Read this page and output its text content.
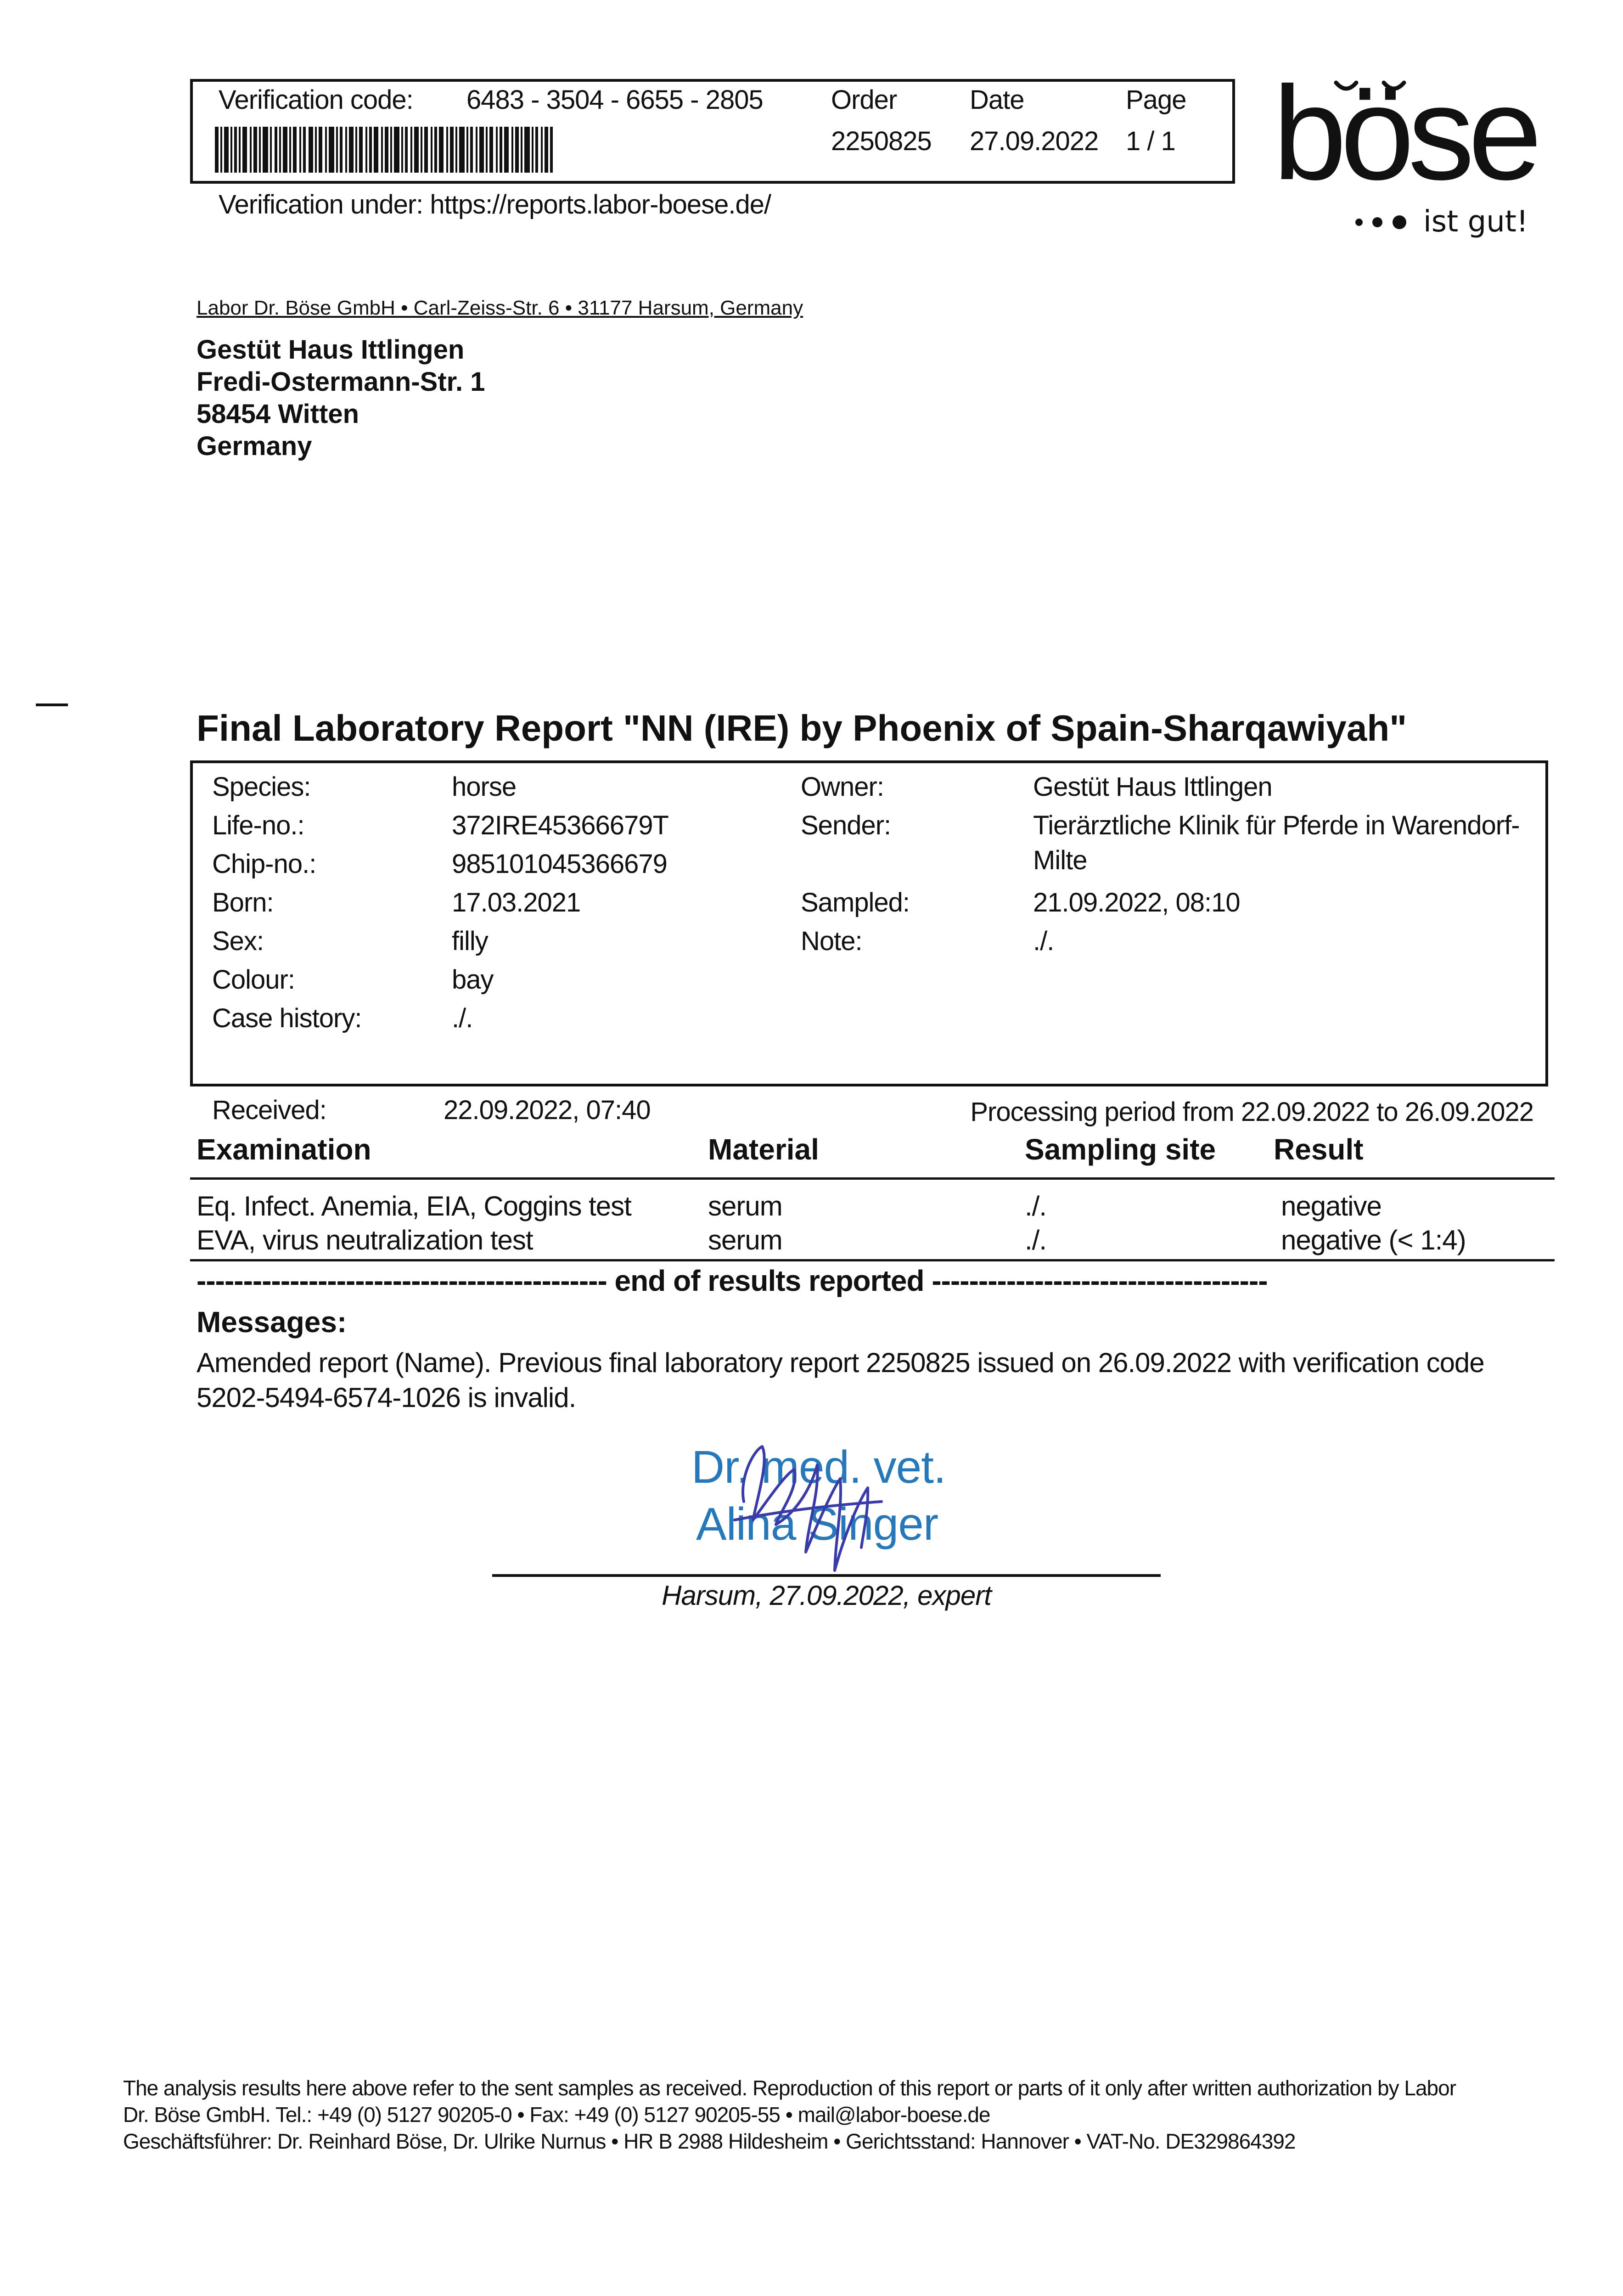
Verification code: 6483 - 3504 - 6655 - 2805	Order	Date	Page
2250825 27.09.2022 1 / 1
Verification under: https://reports.labor-boese.de/	böse
ist gut!
Labor Dr. Böse GmbH • Carl-Zeiss-Str. 6 • 31177 Harsum, Germany
Gestüt Haus Ittlingen
Fredi-Ostermann-Str. 1
58454 Witten
Germany
Final Laboratory Report "NN (IRE) by Phoenix of Spain-Sharqawiyah"
Species:	horse
Life-no.:	372IRE45366679T
Chip-no.:	985101045366679
Born:	17.03.2021
Sex:	filly
Colour:	bay
Case history:	./.
Owner:	Gestüt Haus Ittlingen
Sender:	Tierärztliche Klinik für Pferde in Warendorf-
Milte
Sampled:	21.09.2022, 08:10
Note:	./.
Received:	22.09.2022, 07:40	Processing period from 22.09.2022 to 26.09.2022
Examination	Material	Sampling site Result
Eq. Infect. Anemia, EIA, Coggins test	serum	./.	negative
EVA, virus neutralization test	serum	./.	negative (< 1:4)
-------------------------------------------- end of results reported ------------------------------------
Messages:
Amended report (Name). Previous final laboratory report 2250825 issued on 26.09.2022 with verification code 5202-5494-6574-1026 is invalid.
Dr. med. vet.
Alina Singer
Harsum, 27.09.2022, expert
The analysis results here above refer to the sent samples as received. Reproduction of this report or parts of it only after written authorization by Labor
Dr. Böse GmbH. Tel.: +49 (0) 5127 90205-0 • Fax: +49 (0) 5127 90205-55 • mail@labor-boese.de
Geschäftsführer: Dr. Reinhard Böse, Dr. Ulrike Nurnus • HR B 2988 Hildesheim • Gerichtsstand: Hannover • VAT-No. DE329864392
